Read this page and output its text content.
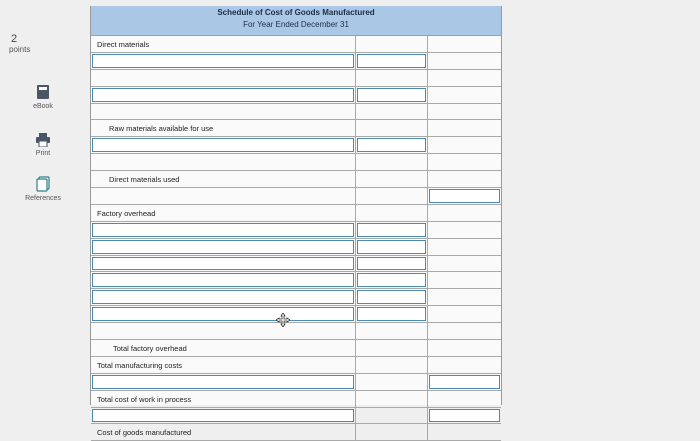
2
points
eBook
Print
References
Schedule of Cost of Goods Manufactured
For Year Ended December 31
Direct materials
Raw materials available for use
Direct materials used
Factory overhead
Total factory overhead
Total manufacturing costs
Total cost of work in process
Cost of goods manufactured
